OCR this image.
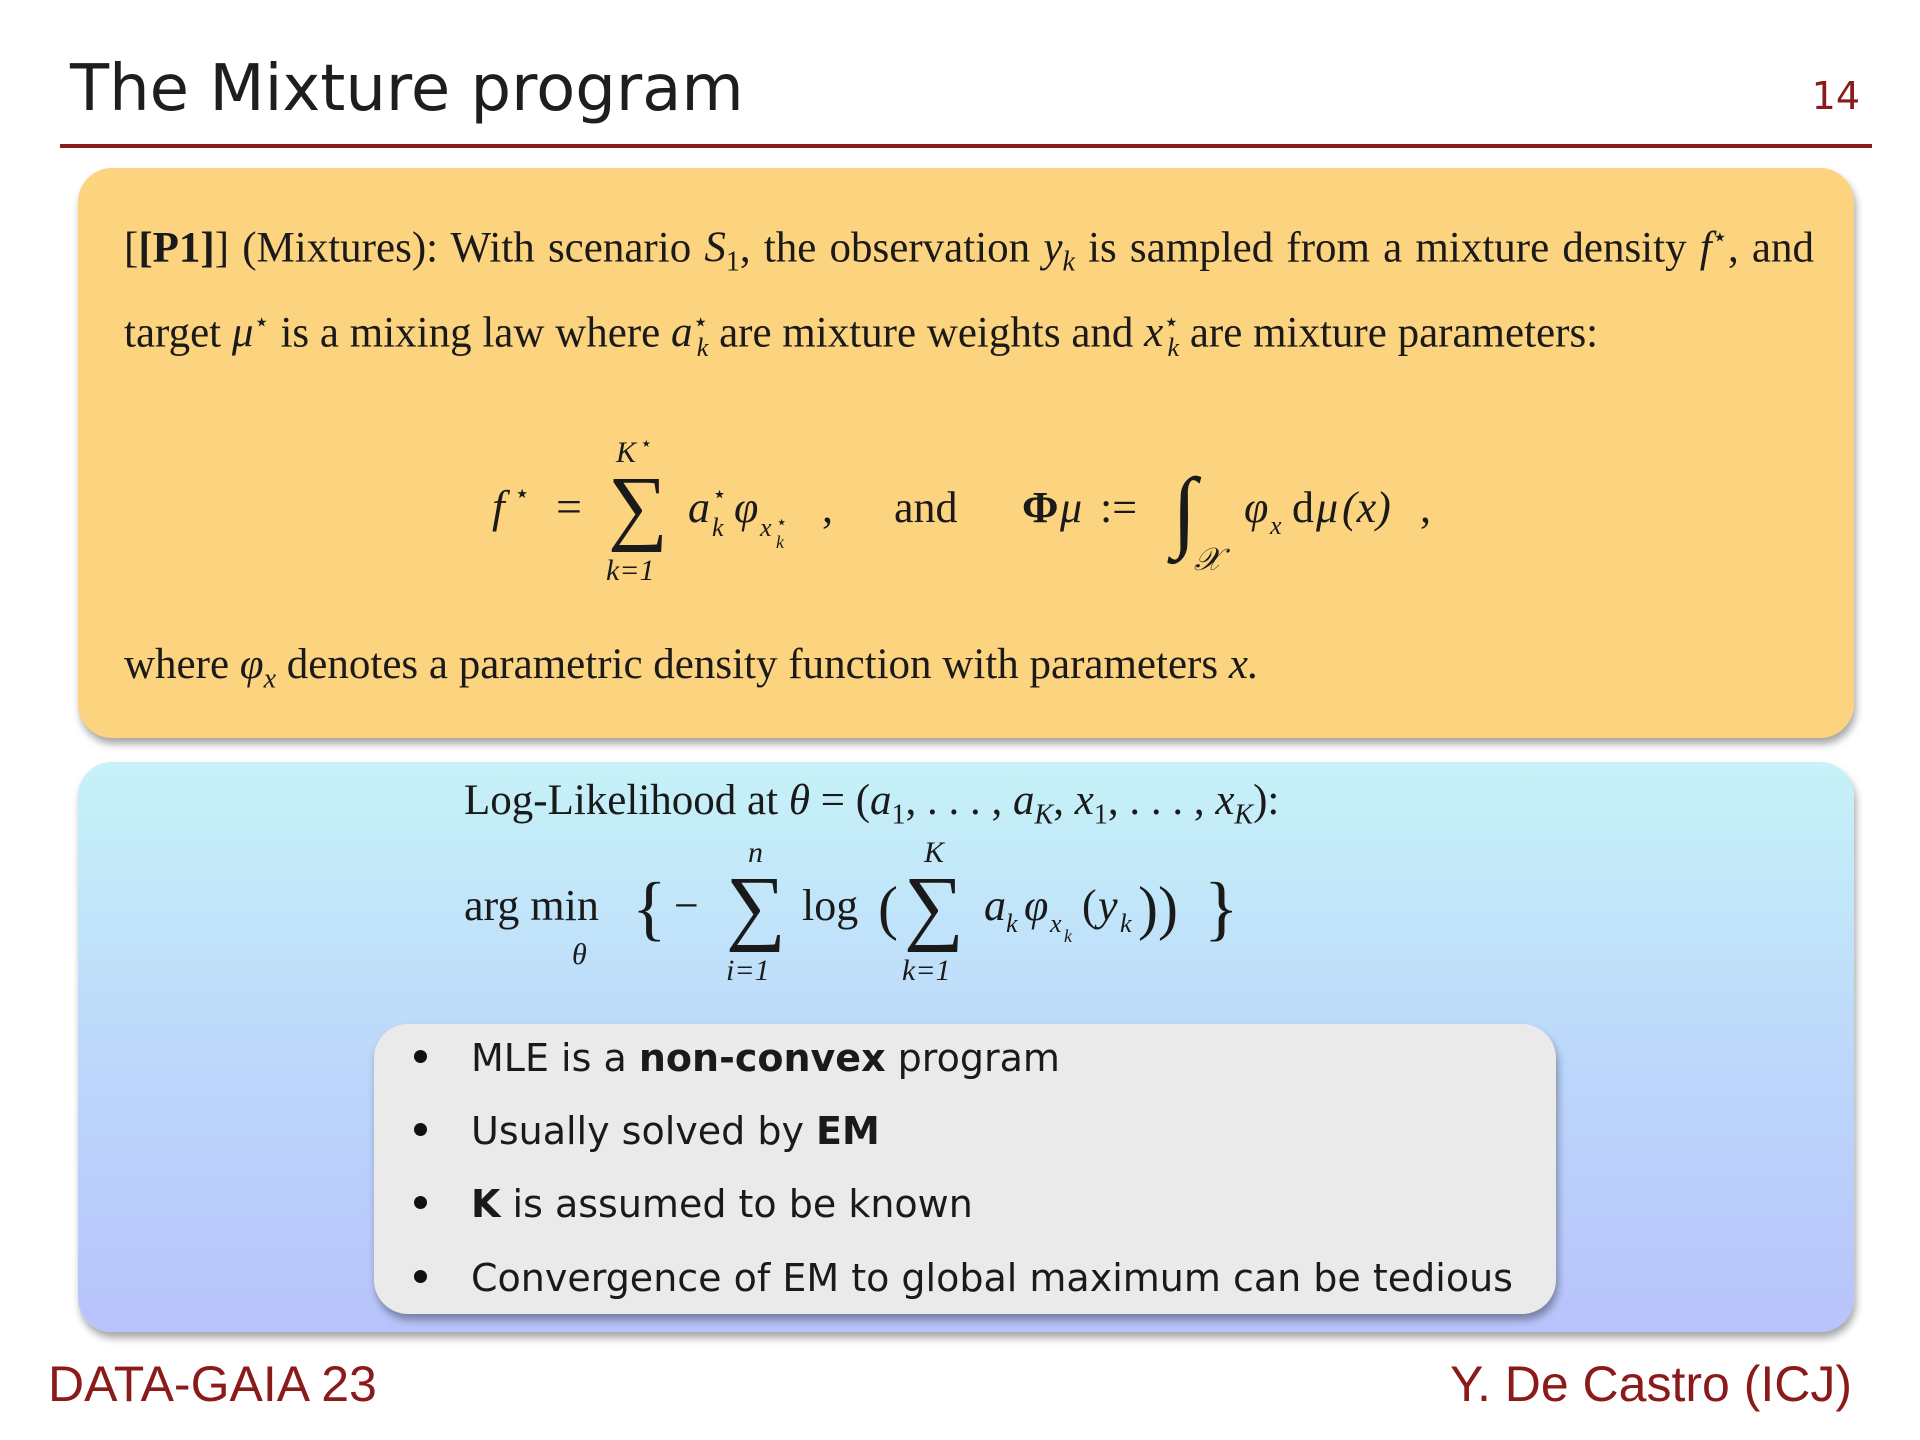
The Mixture program	14
[[P1]] (Mixtures): With scenario $S_1$, the observation $y_k$ is sampled from a mixture density f⋆, and target μ⋆ is a mixing law where $a^⋆_k$ are mixture weights and $x^⋆_k$ are mixture parameters:
f ⋆ = ∑
K ⋆
k=1
a ⋆
k φ x ⋆
k
, and Φ μ := ∫
𝒳
φ x d μ (x) ,
where $\varphi_x$ denotes a parametric density function with parameters x.
Log-Likelihood at $\theta = (a_1$, . . . , $a_K$, $x_1$, . . . , $x_K$):
arg min
θ
{ − ∑
n
i=1
log ( ∑
K
k=1
a k φ x k
( y k )) }
MLE is a non-convex program
Usually solved by EM
K is assumed to be known
Convergence of EM to global maximum can be tedious
DATA-GAIA 23	Y. De Castro (ICJ)
